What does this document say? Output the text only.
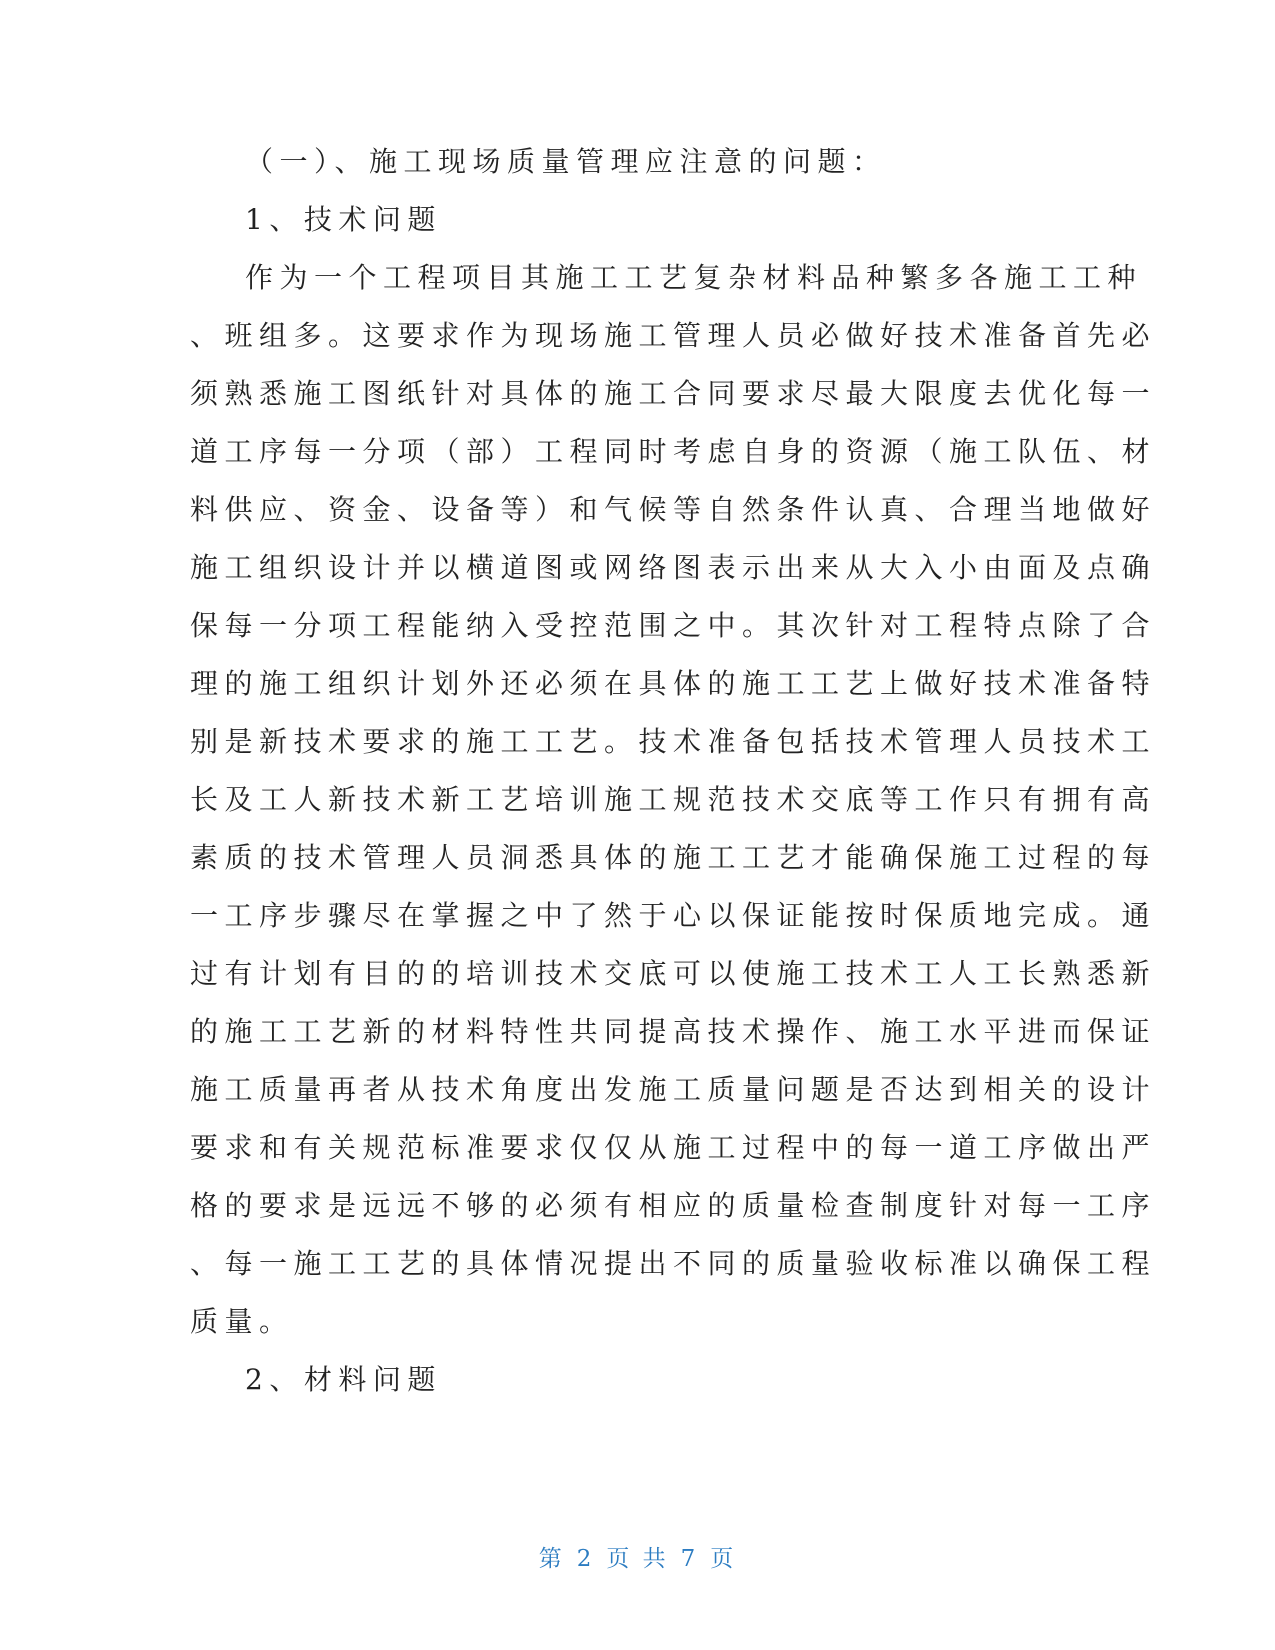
（一）、施工现场质量管理应注意的问题：
1、技术问题
作为一个工程项目其施工工艺复杂材料品种繁多各施工工种
、班组多。这要求作为现场施工管理人员必做好技术准备首先必
须熟悉施工图纸针对具体的施工合同要求尽最大限度去优化每一
道工序每一分项（部）工程同时考虑自身的资源（施工队伍、材
料供应、资金、设备等）和气候等自然条件认真、合理当地做好
施工组织设计并以横道图或网络图表示出来从大入小由面及点确
保每一分项工程能纳入受控范围之中。其次针对工程特点除了合
理的施工组织计划外还必须在具体的施工工艺上做好技术准备特
别是新技术要求的施工工艺。技术准备包括技术管理人员技术工
长及工人新技术新工艺培训施工规范技术交底等工作只有拥有高
素质的技术管理人员洞悉具体的施工工艺才能确保施工过程的每
一工序步骤尽在掌握之中了然于心以保证能按时保质地完成。通
过有计划有目的的培训技术交底可以使施工技术工人工长熟悉新
的施工工艺新的材料特性共同提高技术操作、施工水平进而保证
施工质量再者从技术角度出发施工质量问题是否达到相关的设计
要求和有关规范标准要求仅仅从施工过程中的每一道工序做出严
格的要求是远远不够的必须有相应的质量检查制度针对每一工序
、每一施工工艺的具体情况提出不同的质量验收标准以确保工程
质量。
2、材料问题
第 2 页 共 7 页
